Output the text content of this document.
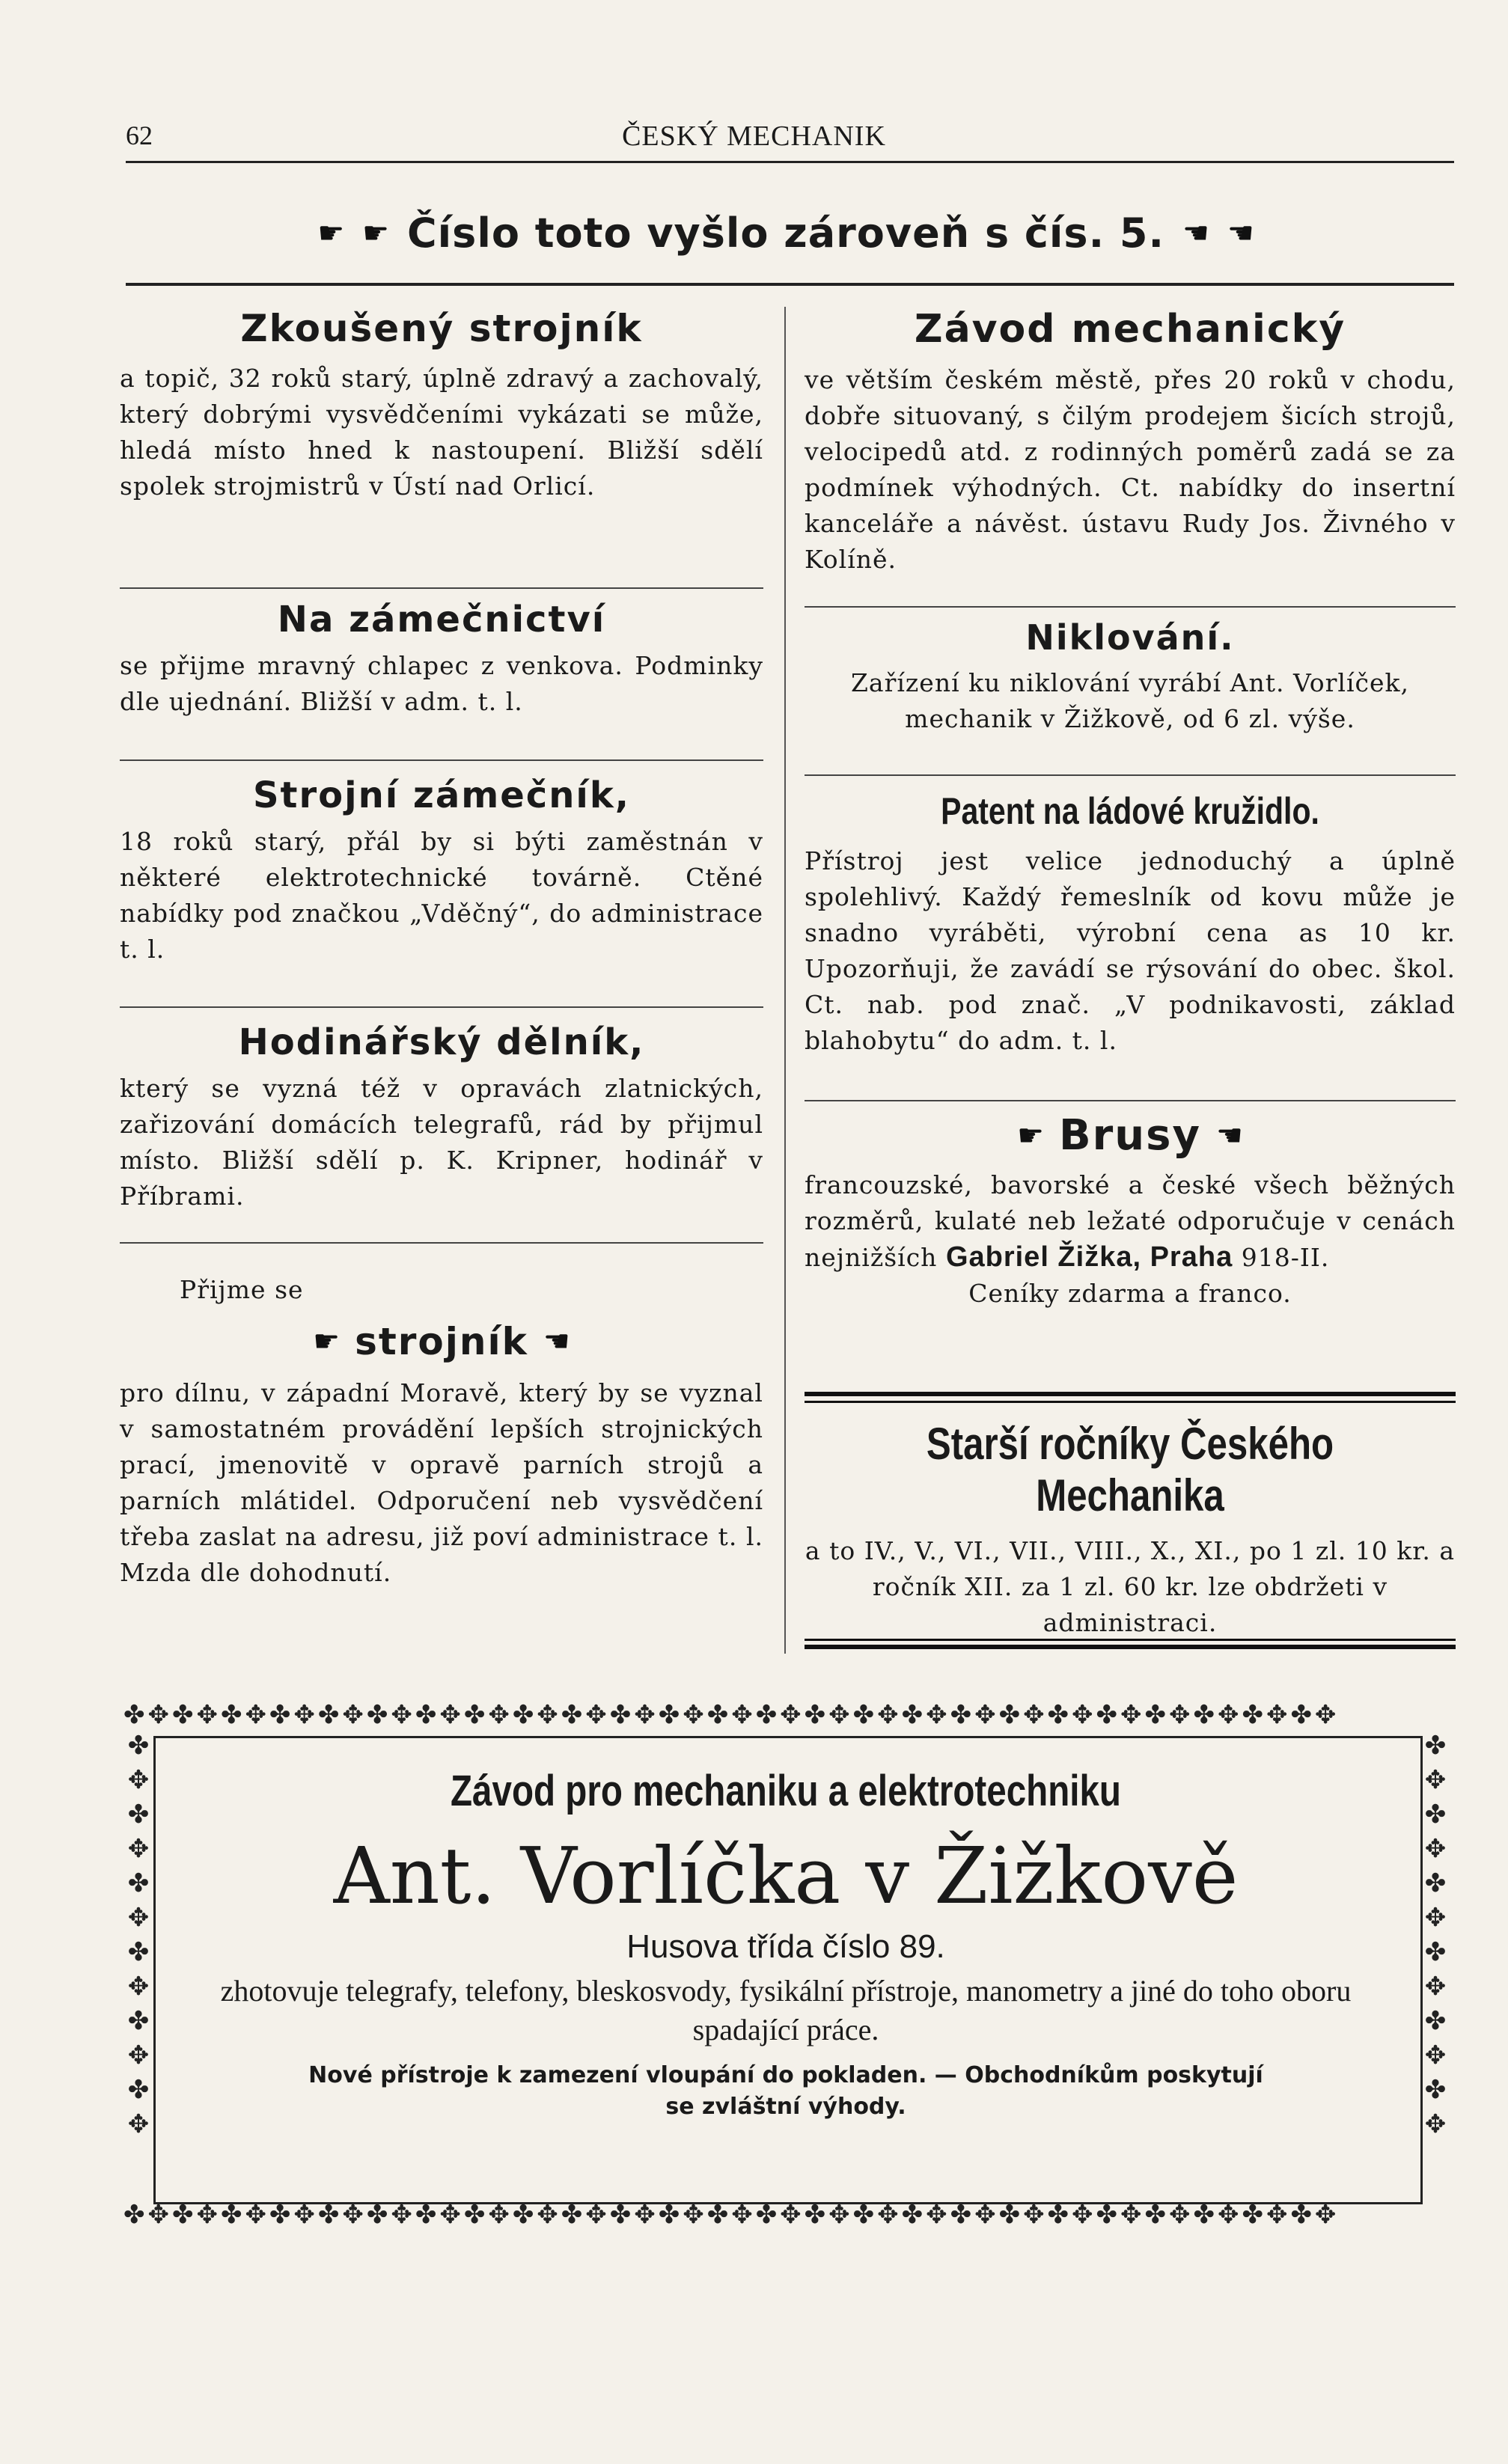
62	ČESKÝ MECHANIK
☛ ☛ Číslo toto vyšlo zároveň s čís. 5. ☚ ☚
Zkoušený strojník
a topič, 32 roků starý, úplně zdravý a zachovalý, který dobrými vysvědčeními vykázati se může, hledá místo hned k nastoupení. Bližší sdělí spolek strojmistrů v Ústí nad Orlicí.
Na zámečnictví
se přijme mravný chlapec z venkova. Podminky dle ujednání. Bližší v adm. t. l.
Strojní zámečník,
18 roků starý, přál by si býti zaměstnán v některé elektrotechnické továrně. Ctěné nabídky pod značkou „Vděčný“, do administrace t. l.
Hodinářský dělník,
který se vyzná též v opravách zlatnických, zařizování domácích telegrafů, rád by přijmul místo. Bližší sdělí p. K. Kripner, hodinář v Příbrami.
Přijme se
☛ strojník ☚
pro dílnu, v západní Moravě, který by se vyznal v samostatném provádění lepších strojnických prací, jmenovitě v opravě parních strojů a parních mlátidel. Odporučení neb vysvědčení třeba zaslat na adresu, již poví administrace t. l. Mzda dle dohodnutí.
Závod mechanický
ve větším českém městě, přes 20 roků v chodu, dobře situovaný, s čilým prodejem šicích strojů, velocipedů atd. z rodinných poměrů zadá se za podmínek výhodných. Ct. nabídky do insertní kanceláře a návěst. ústavu Rudy Jos. Živného v Kolíně.
Niklování.
Zařízení ku niklování vyrábí Ant. Vorlíček, mechanik v Žižkově, od 6 zl. výše.
Patent na ládové kružidlo.
Přístroj jest velice jednoduchý a úplně spolehlivý. Každý řemeslník od kovu může je snadno vyráběti, výrobní cena as 10 kr. Upozorňuji, že zavádí se rýsování do obec. škol. Ct. nab. pod znač. „V podnikavosti, základ blahobytu“ do adm. t. l.
☛ Brusy ☚
francouzské, bavorské a české všech běžných rozměrů, kulaté neb ležaté odporučuje v cenách nejnižších Gabriel Žižka, Praha 918-II.
Ceníky zdarma a franco.
Starší ročníky Českého Mechanika
a to IV., V., VI., VII., VIII., X., XI., po 1 zl. 10 kr. a ročník XII. za 1 zl. 60 kr. lze obdržeti v administraci.
✤✥✤✥✤✥✤✥✤✥✤✥✤✥✤✥✤✥✤✥✤✥✤✥✤✥✤✥✤✥✤✥✤✥✤✥✤✥✤✥✤✥✤✥✤✥✤✥✤✥
✤✥✤✥✤✥✤✥✤✥✤✥✤✥✤✥✤✥✤✥✤✥✤✥✤✥✤✥✤✥✤✥✤✥✤✥✤✥✤✥✤✥✤✥✤✥✤✥✤✥
✤✥✤✥✤✥✤✥✤✥✤✥
✤✥✤✥✤✥✤✥✤✥✤✥
Závod pro mechaniku a elektrotechniku
Ant. Vorlíčka v Žižkově
Husova třída číslo 89.
zhotovuje telegrafy, telefony, bleskosvody, fysikální přístroje, manometry a jiné do toho oboru spadající práce.
Nové přístroje k zamezení vloupání do pokladen. — Obchodníkům poskytují se zvláštní výhody.
